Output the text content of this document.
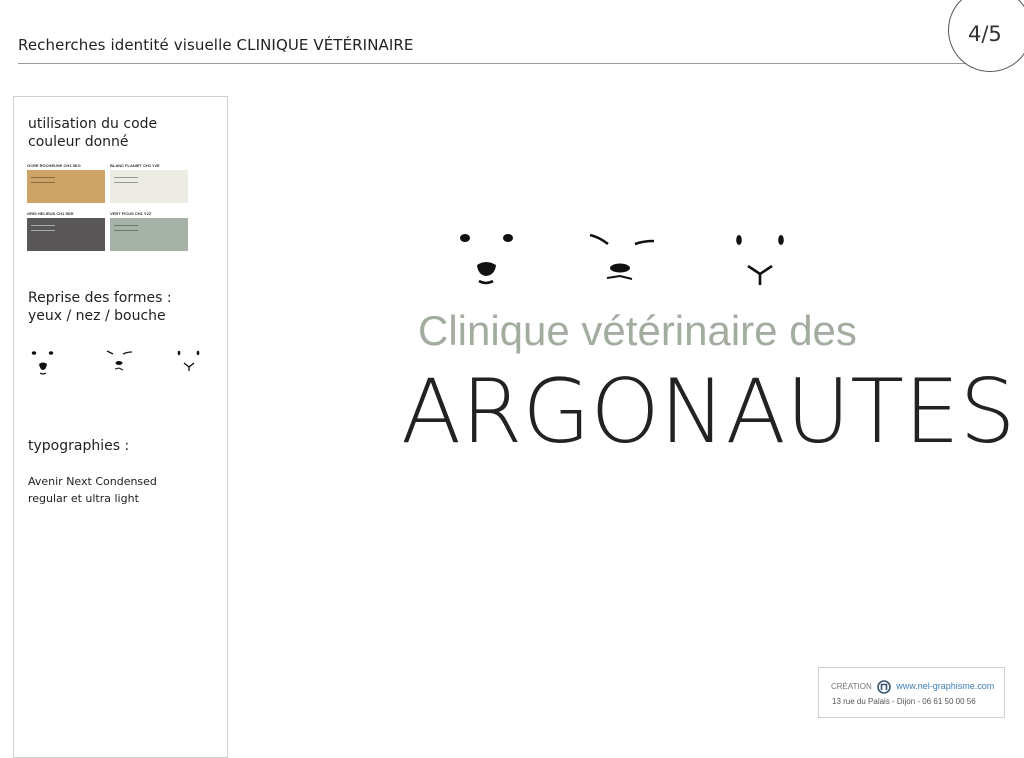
Recherches identité visuelle CLINIQUE VÉTÉRINAIRE	4/5
utilisation du code couleur donné
OCRE ROCHEUSE CH1 5KG	BLANC FLANIET CH1 Y2E
GRIS HELIEUS CH1 5DR	VERT FICUS CH1 Y2Z
Reprise des formes : yeux / nez / bouche
typographies :
Avenir Next Condensed
regular et ultra light
Clinique vétérinaire des
ARGONAUTES
CRÉATION	www.nel-graphisme.com
13 rue du Palais - Dijon - 06 61 50 00 56
